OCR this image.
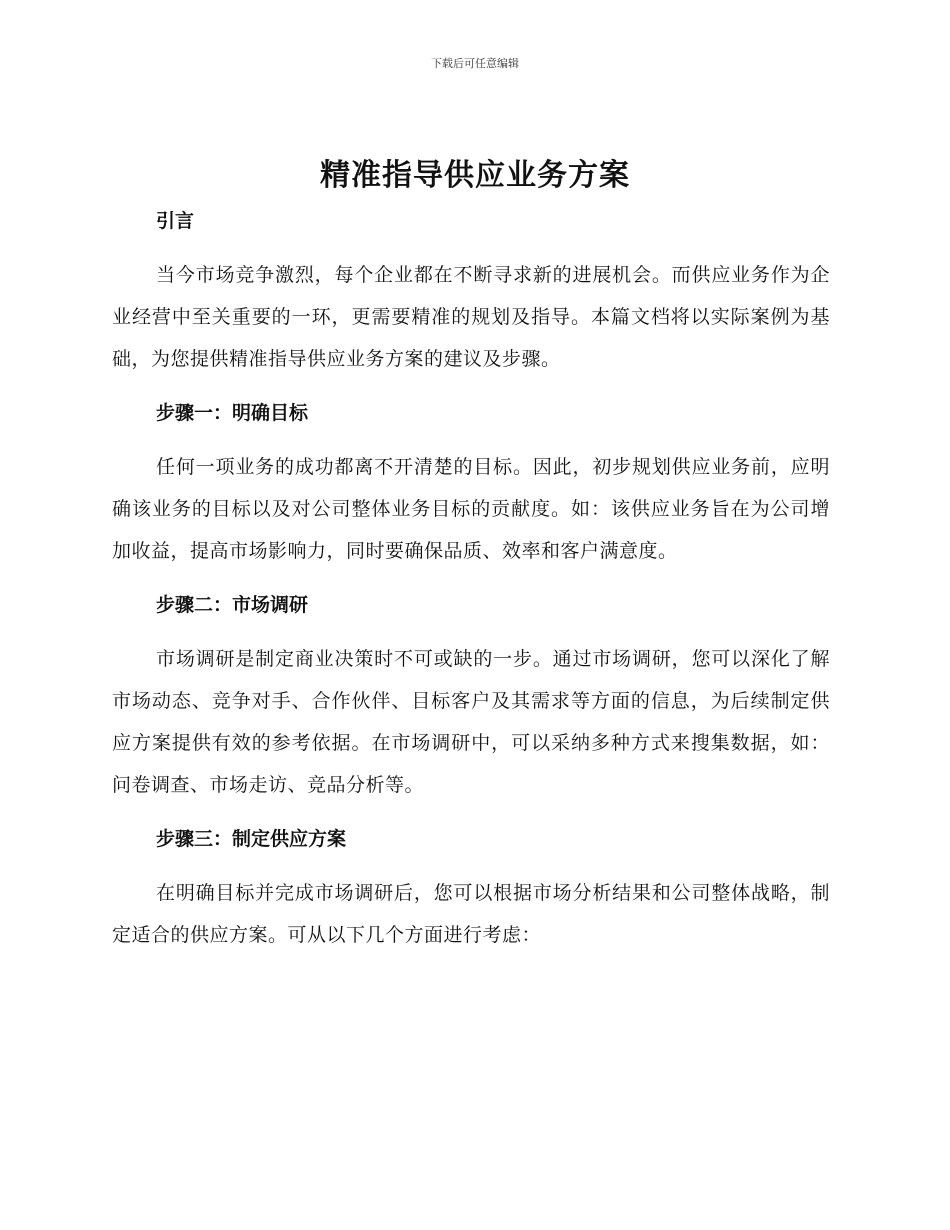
下载后可任意编辑
精准指导供应业务方案
引言

当今市场竞争激烈，每个企业都在不断寻求新的进展机会。而供应业务作为企业经营中至关重要的一环，更需要精准的规划及指导。本篇文档将以实际案例为基础，为您提供精准指导供应业务方案的建议及步骤。

步骤一：明确目标

任何一项业务的成功都离不开清楚的目标。因此，初步规划供应业务前，应明确该业务的目标以及对公司整体业务目标的贡献度。如：该供应业务旨在为公司增加收益，提高市场影响力，同时要确保品质、效率和客户满意度。

步骤二：市场调研

市场调研是制定商业决策时不可或缺的一步。通过市场调研，您可以深化了解市场动态、竞争对手、合作伙伴、目标客户及其需求等方面的信息，为后续制定供应方案提供有效的参考依据。在市场调研中，可以采纳多种方式来搜集数据，如：问卷调查、市场走访、竞品分析等。

步骤三：制定供应方案

在明确目标并完成市场调研后，您可以根据市场分析结果和公司整体战略，制定适合的供应方案。可从以下几个方面进行考虑：
